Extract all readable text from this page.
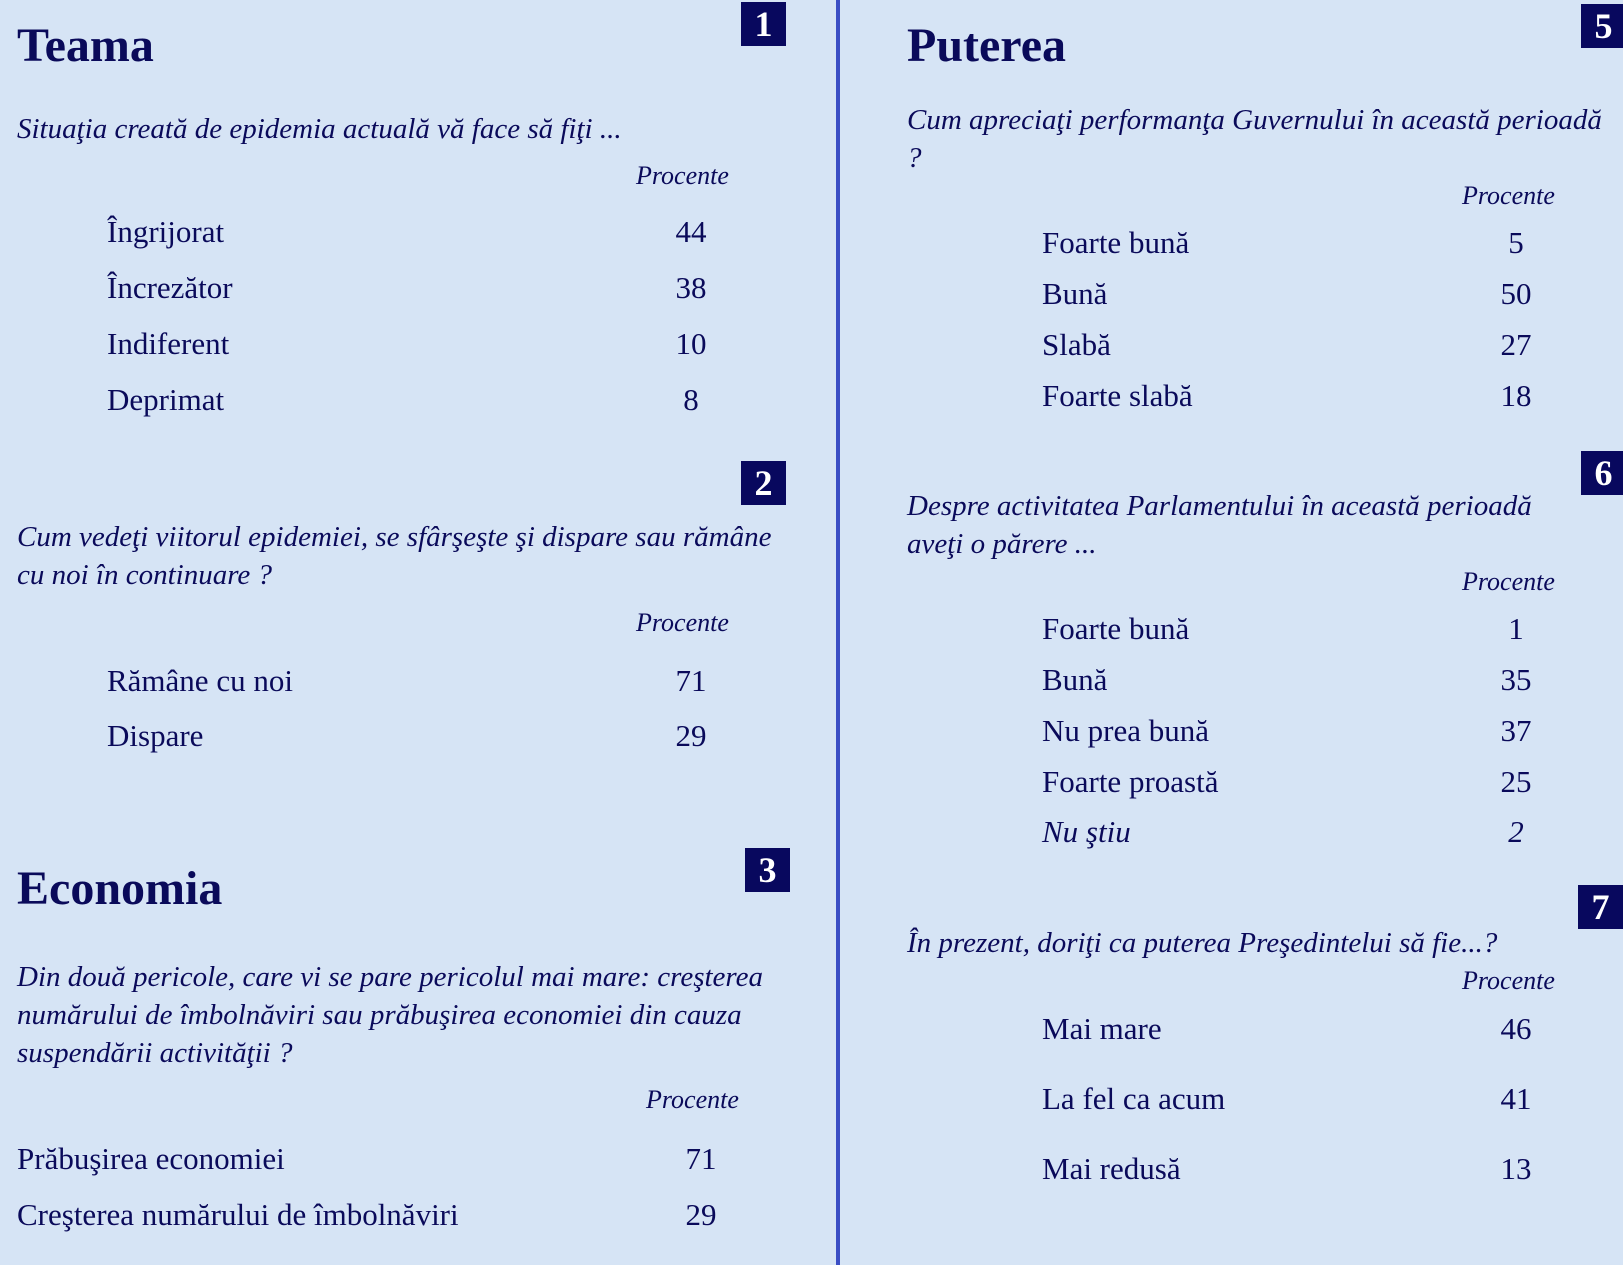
1
Teama
Situaţia creată de epidemia actuală vă face să fiţi ...
Procente
Îngrijorat	44
Încrezător	38
Indiferent	10
Deprimat	8
2
Cum vedeţi viitorul epidemiei, se sfârşeşte şi dispare sau rămâne cu noi în continuare ?
Procente
Rămâne cu noi	71
Dispare	29
3
Economia
Din două pericole, care vi se pare pericolul mai mare: creşterea numărului de îmbolnăviri sau prăbuşirea economiei din cauza suspendării activităţii ?
Procente
Prăbuşirea economiei	71
Creşterea numărului de îmbolnăviri	29
5
Puterea
Cum apreciaţi performanţa Guvernului în această perioadă ?
Procente
Foarte bună	5
Bună	50
Slabă	27
Foarte slabă	18
6
Despre activitatea Parlamentului în această perioadă aveţi o părere ...
Procente
Foarte bună	1
Bună	35
Nu prea bună	37
Foarte proastă	25
Nu ştiu	2
7
În prezent, doriţi ca puterea Preşedintelui să fie...?
Procente
Mai mare	46
La fel ca acum	41
Mai redusă	13
